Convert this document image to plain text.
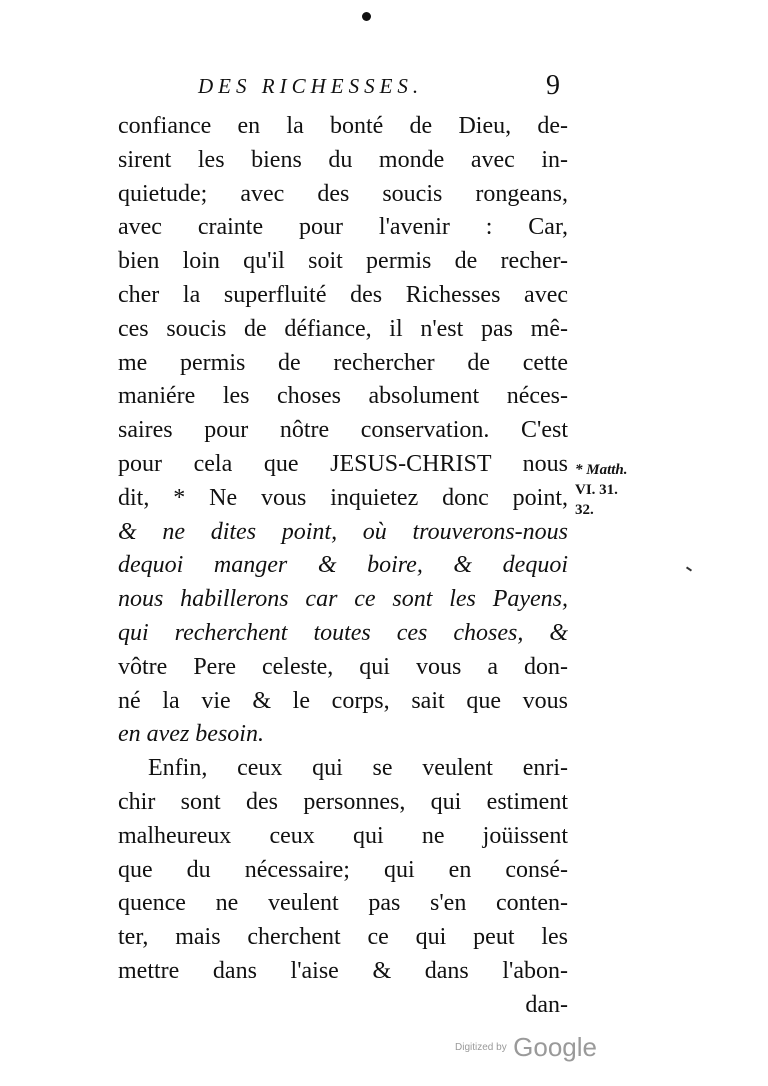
DES RICHESSES.	9
confiance en la bonté de Dieu, de-
sirent les biens du monde avec in-
quietude; avec des soucis rongeans,
avec crainte pour l'avenir : Car,
bien loin qu'il soit permis de recher-
cher la superfluité des Richesses avec
ces soucis de défiance, il n'est pas mê-
me permis de rechercher de cette
maniére les choses absolument néces-
saires pour nôtre conservation. C'est
pour cela que JESUS-CHRIST nous
dit, * Ne vous inquietez donc point,
& ne dites point, où trouverons-nous
dequoi manger & boire, & dequoi
nous habillerons car ce sont les Payens,
qui recherchent toutes ces choses, &
vôtre Pere celeste, qui vous a don-
né la vie & le corps, sait que vous
en avez besoin.
Enfin, ceux qui se veulent enri-
chir sont des personnes, qui estiment
malheureux ceux qui ne joüissent
que du nécessaire; qui en consé-
quence ne veulent pas s'en conten-
ter, mais cherchent ce qui peut les
mettre dans l'aise & dans l'abon-
dan-
* Matth.
VI. 31.
32.
Digitized by Google
